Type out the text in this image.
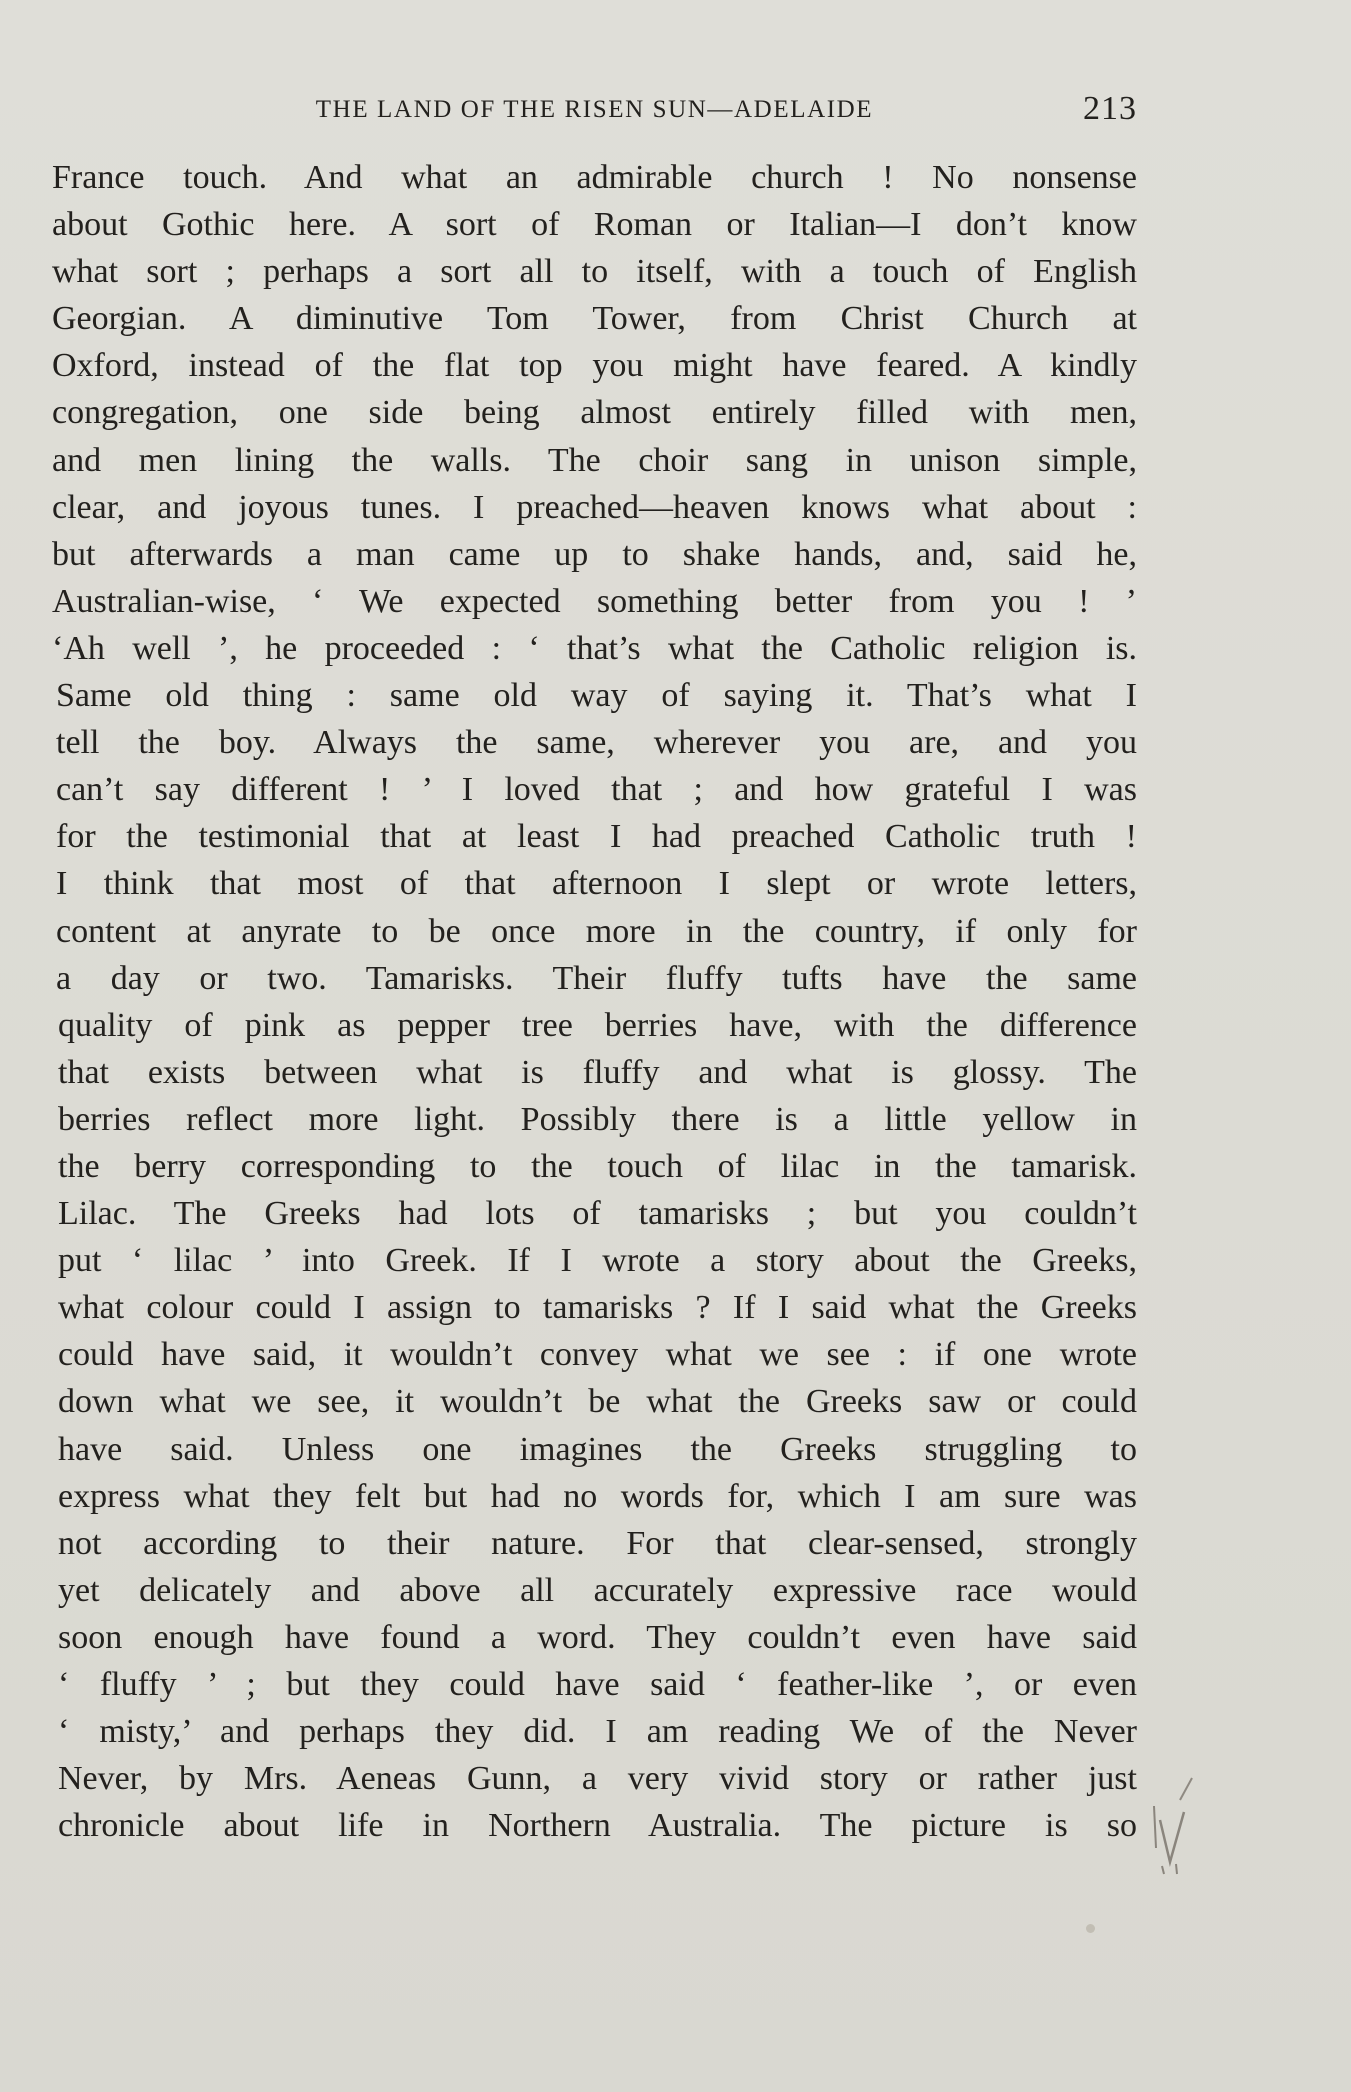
THE LAND OF THE RISEN SUN—ADELAIDE	213
France touch. And what an admirable church ! No nonsense
about Gothic here. A sort of Roman or Italian—I don’t know
what sort ; perhaps a sort all to itself, with a touch of English
Georgian. A diminutive Tom Tower, from Christ Church at
Oxford, instead of the flat top you might have feared. A kindly
congregation, one side being almost entirely filled with men,
and men lining the walls. The choir sang in unison simple,
clear, and joyous tunes. I preached—heaven knows what about :
but afterwards a man came up to shake hands, and, said he,
Australian-wise, ‘ We expected something better from you ! ’
‘Ah well ’, he proceeded : ‘ that’s what the Catholic religion is.
Same old thing : same old way of saying it. That’s what I
tell the boy. Always the same, wherever you are, and you
can’t say different ! ’ I loved that ; and how grateful I was
for the testimonial that at least I had preached Catholic truth !
I think that most of that afternoon I slept or wrote letters,
content at anyrate to be once more in the country, if only for
a day or two. Tamarisks. Their fluffy tufts have the same
quality of pink as pepper tree berries have, with the difference
that exists between what is fluffy and what is glossy. The
berries reflect more light. Possibly there is a little yellow in
the berry corresponding to the touch of lilac in the tamarisk.
Lilac. The Greeks had lots of tamarisks ; but you couldn’t
put ‘ lilac ’ into Greek. If I wrote a story about the Greeks,
what colour could I assign to tamarisks ? If I said what the Greeks
could have said, it wouldn’t convey what we see : if one wrote
down what we see, it wouldn’t be what the Greeks saw or could
have said. Unless one imagines the Greeks struggling to
express what they felt but had no words for, which I am sure was
not according to their nature. For that clear-sensed, strongly
yet delicately and above all accurately expressive race would
soon enough have found a word. They couldn’t even have said
‘ fluffy ’ ; but they could have said ‘ feather-like ’, or even
‘ misty,’ and perhaps they did. I am reading We of the Never
Never, by Mrs. Aeneas Gunn, a very vivid story or rather just
chronicle about life in Northern Australia. The picture is so
